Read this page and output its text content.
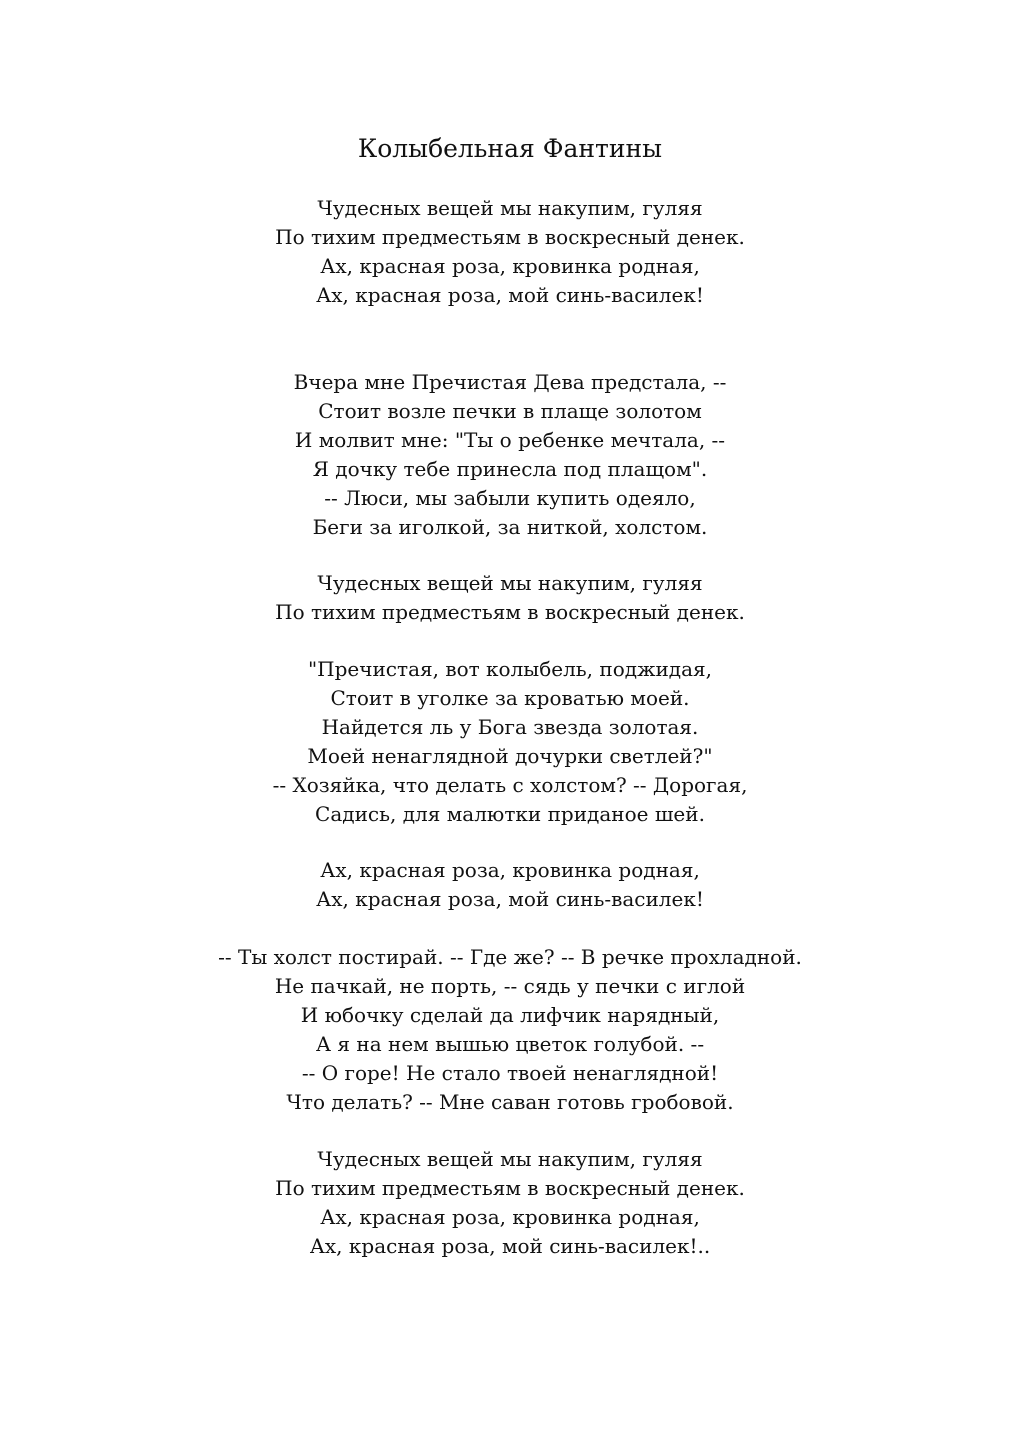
Колыбельная Фантины
Чудесных вещей мы накупим, гуляя
По тихим предместьям в воскресный денек.
Ах, красная роза, кровинка родная,
Ах, красная роза, мой синь-василек!
Вчера мне Пречистая Дева предстала, --
Стоит возле печки в плаще золотом
И молвит мне: "Ты о ребенке мечтала, --
Я дочку тебе принесла под плащом".
-- Люси, мы забыли купить одеяло,
Беги за иголкой, за ниткой, холстом.
Чудесных вещей мы накупим, гуляя
По тихим предместьям в воскресный денек.
"Пречистая, вот колыбель, поджидая,
Стоит в уголке за кроватью моей.
Найдется ль у Бога звезда золотая.
Моей ненаглядной дочурки светлей?"
-- Хозяйка, что делать с холстом? -- Дорогая,
Садись, для малютки приданое шей.
Ах, красная роза, кровинка родная,
Ах, красная роза, мой синь-василек!
-- Ты холст постирай. -- Где же? -- В речке прохладной.
Не пачкай, не порть, -- сядь у печки с иглой
И юбочку сделай да лифчик нарядный,
А я на нем вышью цветок голубой. --
-- О горе! Не стало твоей ненаглядной!
Что делать? -- Мне саван готовь гробовой.
Чудесных вещей мы накупим, гуляя
По тихим предместьям в воскресный денек.
Ах, красная роза, кровинка родная,
Ах, красная роза, мой синь-василек!..
